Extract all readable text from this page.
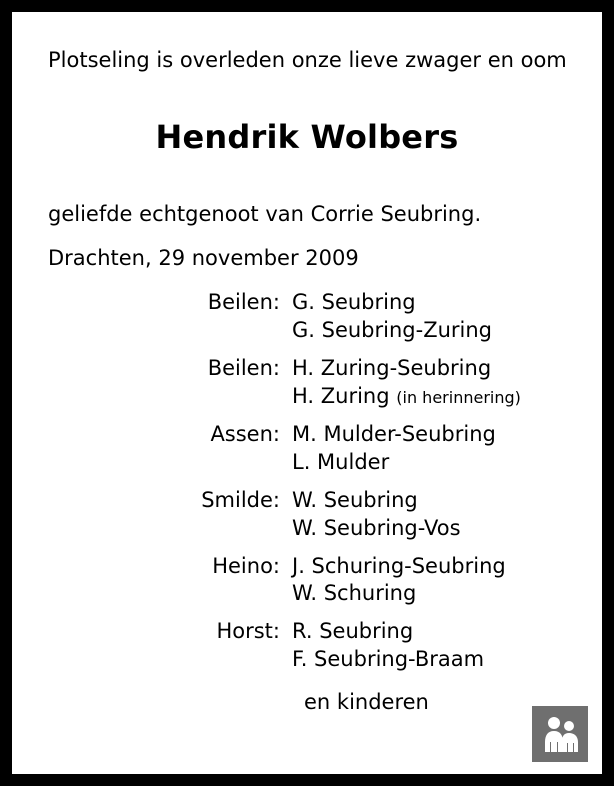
Plotseling is overleden onze lieve zwager en oom

Hendrik Wolbers

geliefde echtgenoot van Corrie Seubring.

Drachten, 29 november 2009

Beilen: G. Seubring
G. Seubring-Zuring
Beilen: H. Zuring-Seubring
H. Zuring (in herinnering)
Assen: M. Mulder-Seubring
L. Mulder
Smilde: W. Seubring
W. Seubring-Vos
Heino: J. Schuring-Seubring
W. Schuring
Horst: R. Seubring
F. Seubring-Braam
en kinderen
